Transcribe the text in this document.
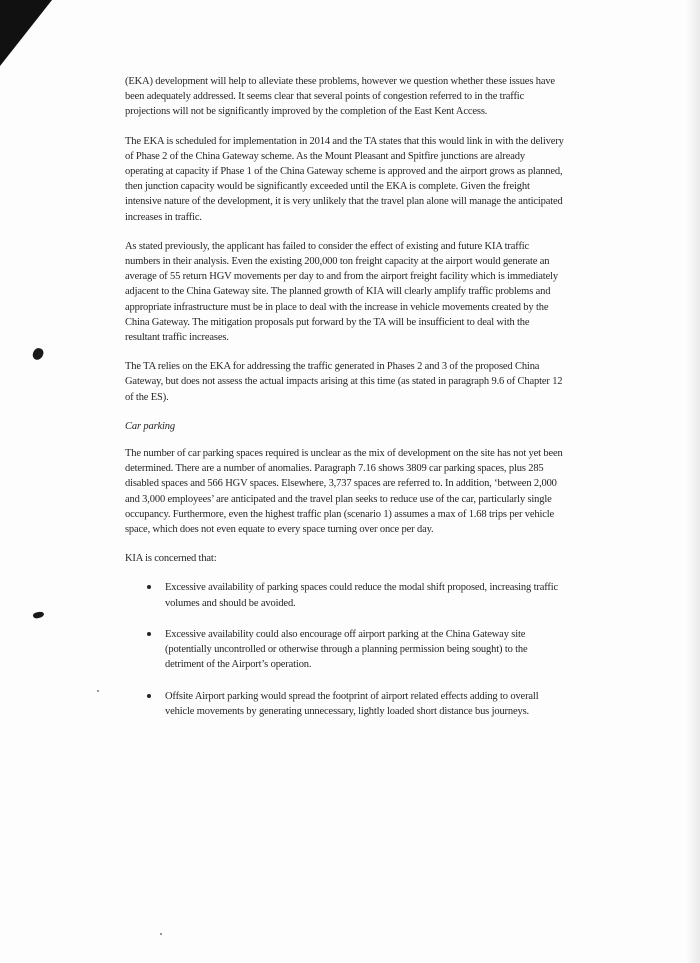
(EKA) development will help to alleviate these problems, however we question whether these issues have been adequately addressed. It seems clear that several points of congestion referred to in the traffic projections will not be significantly improved by the completion of the East Kent Access.

The EKA is scheduled for implementation in 2014 and the TA states that this would link in with the delivery of Phase 2 of the China Gateway scheme. As the Mount Pleasant and Spitfire junctions are already operating at capacity if Phase 1 of the China Gateway scheme is approved and the airport grows as planned, then junction capacity would be significantly exceeded until the EKA is complete. Given the freight intensive nature of the development, it is very unlikely that the travel plan alone will manage the anticipated increases in traffic.

As stated previously, the applicant has failed to consider the effect of existing and future KIA traffic numbers in their analysis. Even the existing 200,000 ton freight capacity at the airport would generate an average of 55 return HGV movements per day to and from the airport freight facility which is immediately adjacent to the China Gateway site. The planned growth of KIA will clearly amplify traffic problems and appropriate infrastructure must be in place to deal with the increase in vehicle movements created by the China Gateway. The mitigation proposals put forward by the TA will be insufficient to deal with the resultant traffic increases.

The TA relies on the EKA for addressing the traffic generated in Phases 2 and 3 of the proposed China Gateway, but does not assess the actual impacts arising at this time (as stated in paragraph 9.6 of Chapter 12 of the ES).

Car parking

The number of car parking spaces required is unclear as the mix of development on the site has not yet been determined. There are a number of anomalies. Paragraph 7.16 shows 3809 car parking spaces, plus 285 disabled spaces and 566 HGV spaces. Elsewhere, 3,737 spaces are referred to. In addition, ‘between 2,000 and 3,000 employees’ are anticipated and the travel plan seeks to reduce use of the car, particularly single occupancy. Furthermore, even the highest traffic plan (scenario 1) assumes a max of 1.68 trips per vehicle space, which does not even equate to every space turning over once per day.

KIA is concerned that:

Excessive availability of parking spaces could reduce the modal shift proposed, increasing traffic volumes and should be avoided.
Excessive availability could also encourage off airport parking at the China Gateway site (potentially uncontrolled or otherwise through a planning permission being sought) to the detriment of the Airport’s operation.
Offsite Airport parking would spread the footprint of airport related effects adding to overall vehicle movements by generating unnecessary, lightly loaded short distance bus journeys.
